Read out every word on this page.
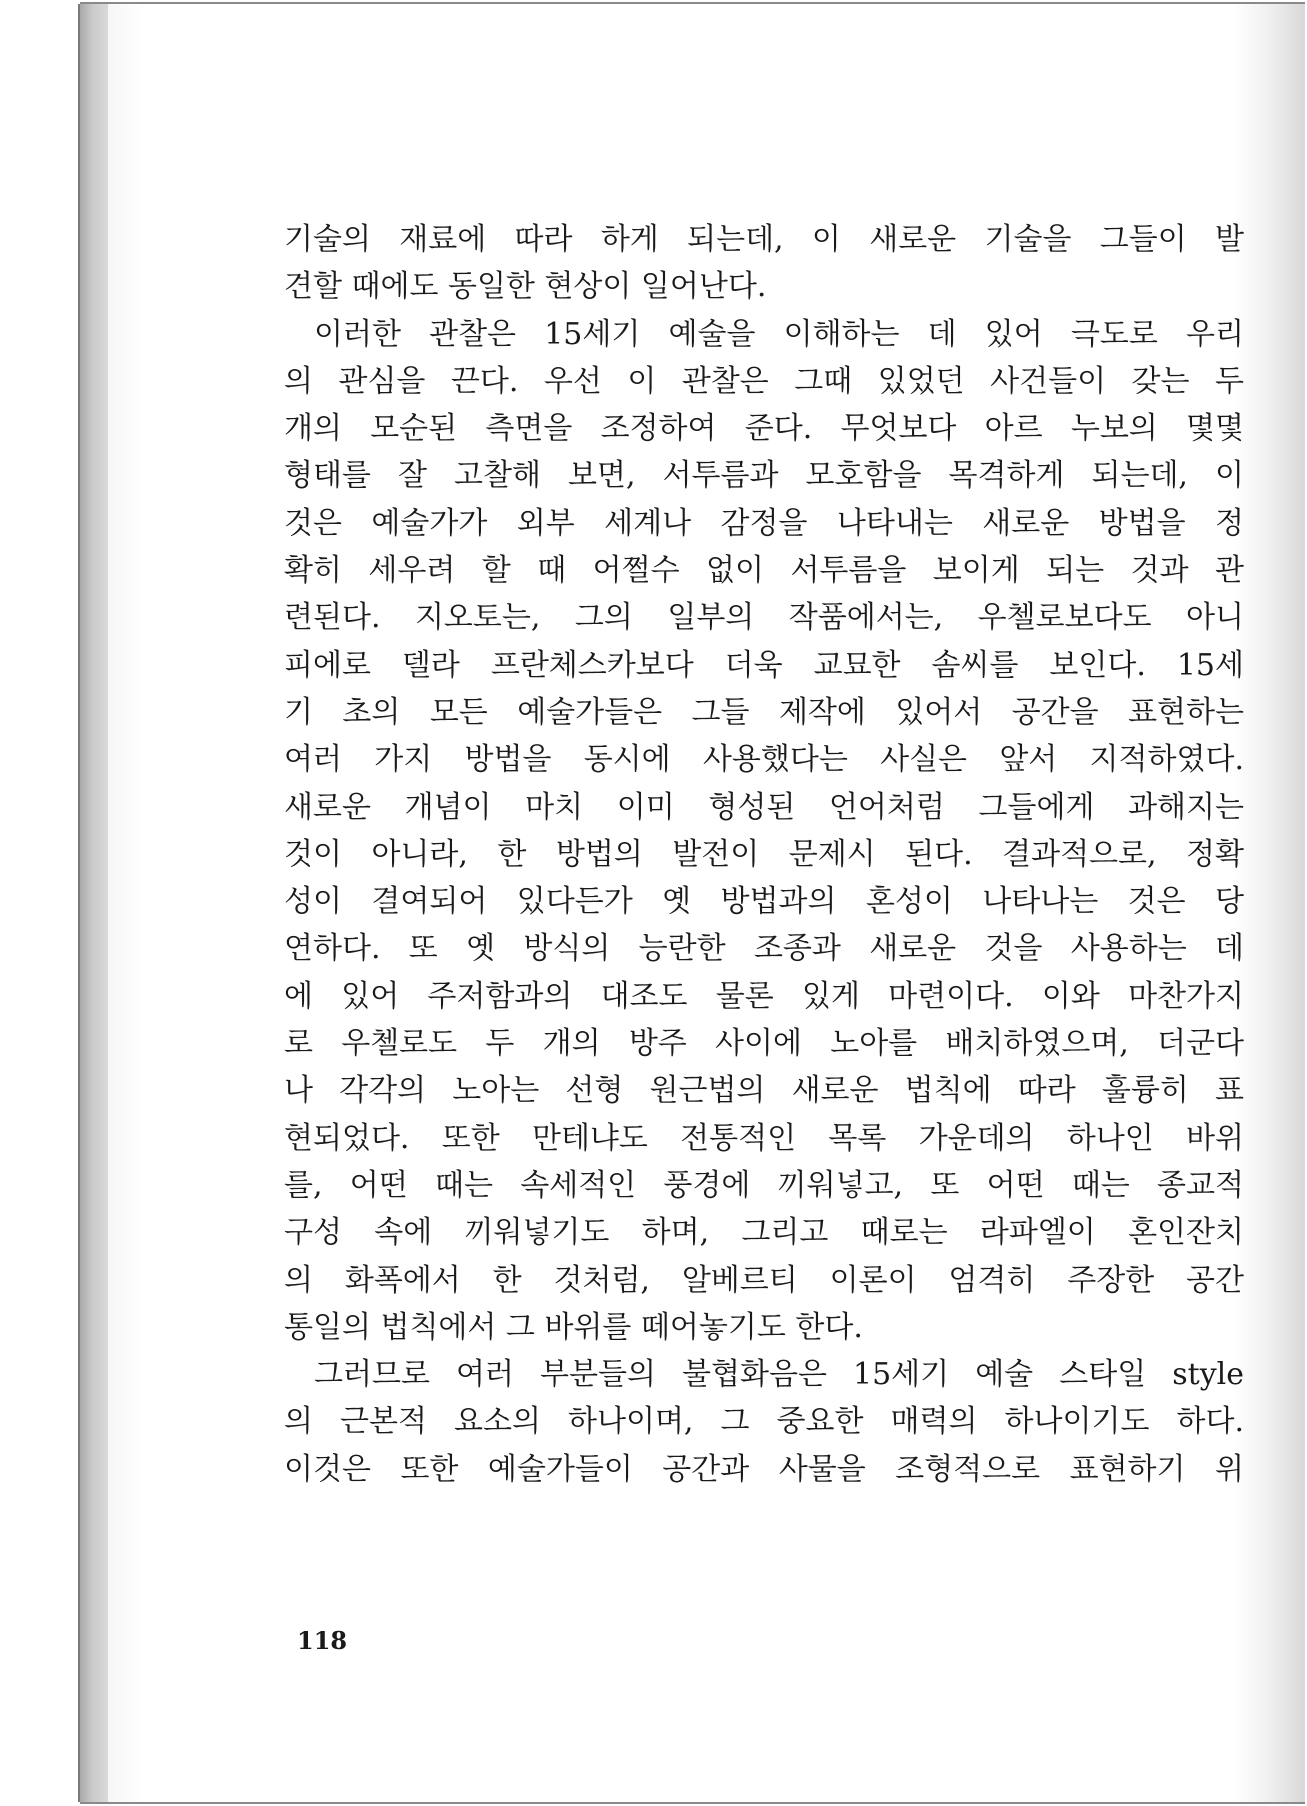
기술의 재료에 따라 하게 되는데, 이 새로운 기술을 그들이 발
견할 때에도 동일한 현상이 일어난다.
이러한 관찰은 15세기 예술을 이해하는 데 있어 극도로 우리
의 관심을 끈다. 우선 이 관찰은 그때 있었던 사건들이 갖는 두
개의 모순된 측면을 조정하여 준다. 무엇보다 아르 누보의 몇몇
형태를 잘 고찰해 보면, 서투름과 모호함을 목격하게 되는데, 이
것은 예술가가 외부 세계나 감정을 나타내는 새로운 방법을 정
확히 세우려 할 때 어쩔수 없이 서투름을 보이게 되는 것과 관
련된다. 지오토는, 그의 일부의 작품에서는, 우첼로보다도 아니
피에로 델라 프란체스카보다 더욱 교묘한 솜씨를 보인다. 15세
기 초의 모든 예술가들은 그들 제작에 있어서 공간을 표현하는
여러 가지 방법을 동시에 사용했다는 사실은 앞서 지적하였다.
새로운 개념이 마치 이미 형성된 언어처럼 그들에게 과해지는
것이 아니라, 한 방법의 발전이 문제시 된다. 결과적으로, 정확
성이 결여되어 있다든가 옛 방법과의 혼성이 나타나는 것은 당
연하다. 또 옛 방식의 능란한 조종과 새로운 것을 사용하는 데
에 있어 주저함과의 대조도 물론 있게 마련이다. 이와 마찬가지
로 우첼로도 두 개의 방주 사이에 노아를 배치하였으며, 더군다
나 각각의 노아는 선형 원근법의 새로운 법칙에 따라 훌륭히 표
현되었다. 또한 만테냐도 전통적인 목록 가운데의 하나인 바위
를, 어떤 때는 속세적인 풍경에 끼워넣고, 또 어떤 때는 종교적
구성 속에 끼워넣기도 하며, 그리고 때로는 라파엘이 혼인잔치
의 화폭에서 한 것처럼, 알베르티 이론이 엄격히 주장한 공간
통일의 법칙에서 그 바위를 떼어놓기도 한다.
그러므로 여러 부분들의 불협화음은 15세기 예술 스타일 style
의 근본적 요소의 하나이며, 그 중요한 매력의 하나이기도 하다.
이것은 또한 예술가들이 공간과 사물을 조형적으로 표현하기 위
118
